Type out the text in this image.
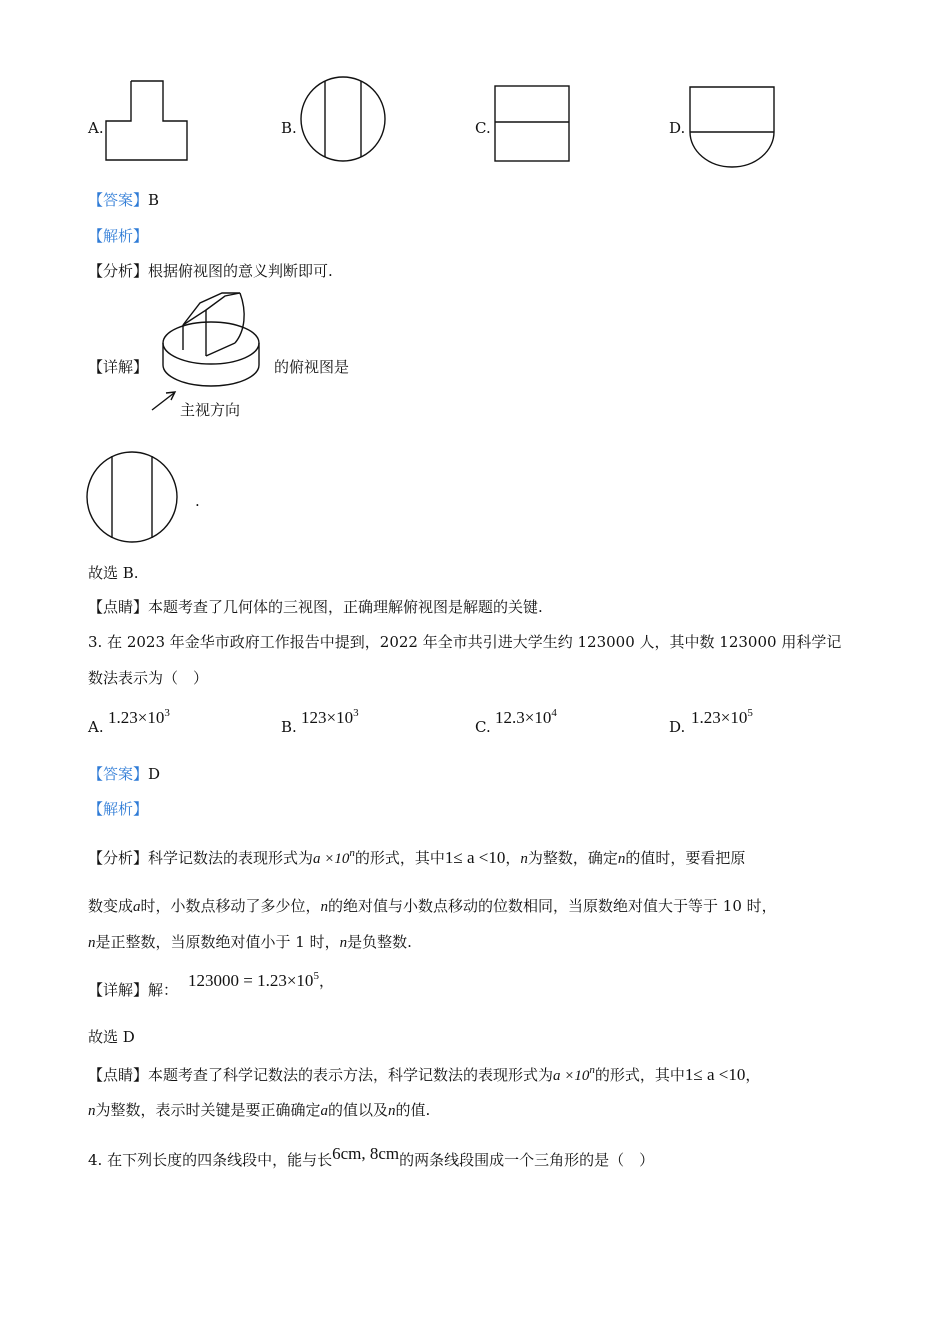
A.	B.	C.	D.
【答案】B
【解析】
【分析】根据俯视图的意义判断即可.
【详解】	的俯视图是
主视方向
.
故选 B.
【点睛】本题考查了几何体的三视图，正确理解俯视图是解题的关键.
3. 在 2023 年金华市政府工作报告中提到，2022 年全市共引进大学生约 123000 人，其中数 123000 用科学记
数法表示为（　）
A. $1.23\times 10^3$
B. $123\times 10^3$
C. $12.3\times 10^4$
D. $1.23\times 10^5$
【答案】D
【解析】
【分析】科学记数法的表现形式为$a \times 10^n$的形式，其中1≤ a <10，n为整数，确定n的值时，要看把原
数变成a时，小数点移动了多少位，n的绝对值与小数点移动的位数相同，当原数绝对值大于等于 10 时，
n是正整数，当原数绝对值小于 1 时，n是负整数.
【详解】解： $123000 = 1.23\times 10^5$，
故选 D
【点睛】本题考查了科学记数法的表示方法，科学记数法的表现形式为$a \times 10^n$的形式，其中1≤ a <10，
n为整数，表示时关键是要正确确定a的值以及n的值.
4. 在下列长度的四条线段中，能与长6cm, 8cm的两条线段围成一个三角形的是（　）
